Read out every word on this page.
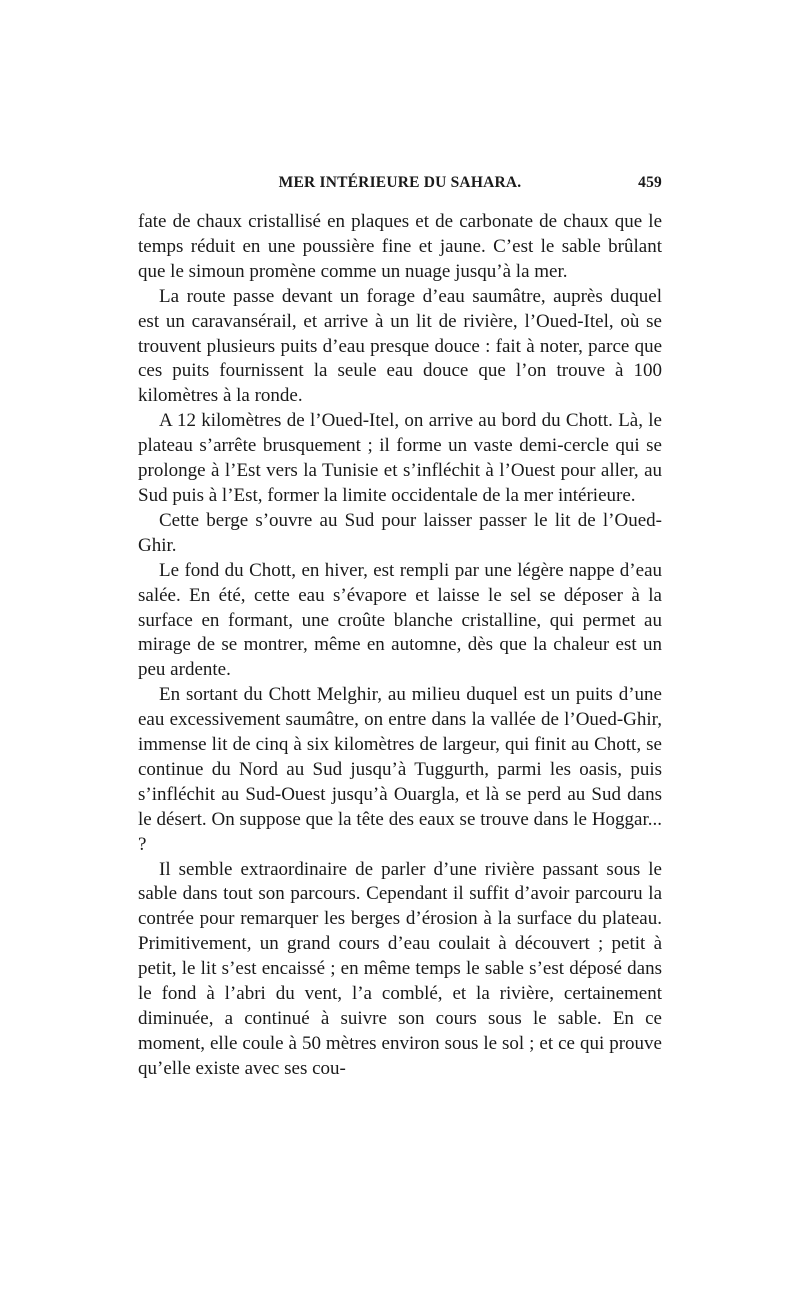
MER INTÉRIEURE DU SAHARA.	459

fate de chaux cristallisé en plaques et de carbonate de chaux que le temps réduit en une poussière fine et jaune. C’est le sable brûlant que le simoun promène comme un nuage jusqu’à la mer.

La route passe devant un forage d’eau saumâtre, auprès duquel est un caravansérail, et arrive à un lit de rivière, l’Oued-Itel, où se trouvent plusieurs puits d’eau presque douce : fait à noter, parce que ces puits fournissent la seule eau douce que l’on trouve à 100 kilomètres à la ronde.

A 12 kilomètres de l’Oued-Itel, on arrive au bord du Chott. Là, le plateau s’arrête brusquement ; il forme un vaste demi-cercle qui se prolonge à l’Est vers la Tunisie et s’infléchit à l’Ouest pour aller, au Sud puis à l’Est, former la limite occidentale de la mer intérieure.

Cette berge s’ouvre au Sud pour laisser passer le lit de l’Oued-Ghir.

Le fond du Chott, en hiver, est rempli par une légère nappe d’eau salée. En été, cette eau s’évapore et laisse le sel se déposer à la surface en formant, une croûte blanche cristalline, qui permet au mirage de se montrer, même en automne, dès que la chaleur est un peu ardente.

En sortant du Chott Melghir, au milieu duquel est un puits d’une eau excessivement saumâtre, on entre dans la vallée de l’Oued-Ghir, immense lit de cinq à six kilomètres de largeur, qui finit au Chott, se continue du Nord au Sud jusqu’à Tuggurth, parmi les oasis, puis s’infléchit au Sud-Ouest jusqu’à Ouargla, et là se perd au Sud dans le désert. On suppose que la tête des eaux se trouve dans le Hoggar... ?

Il semble extraordinaire de parler d’une rivière passant sous le sable dans tout son parcours. Cependant il suffit d’avoir parcouru la contrée pour remarquer les berges d’érosion à la surface du plateau. Primitivement, un grand cours d’eau coulait à découvert ; petit à petit, le lit s’est encaissé ; en même temps le sable s’est déposé dans le fond à l’abri du vent, l’a comblé, et la rivière, certainement diminuée, a continué à suivre son cours sous le sable. En ce moment, elle coule à 50 mètres environ sous le sol ; et ce qui prouve qu’elle existe avec ses cou-
